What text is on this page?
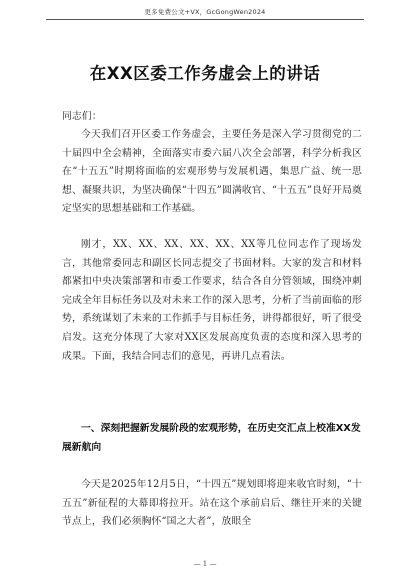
更多免费公文+VX，GcGongWen2024
在XX区委工作务虚会上的讲话
同志们：
今天我们召开区委工作务虚会，主要任务是深入学习贯彻党的二十届四中全会精神，全面落实市委六届八次全会部署，科学分析我区在“十五五”时期将面临的宏观形势与发展机遇，集思广益、统一思想、凝聚共识，为坚决确保“十四五”圆满收官、“十五五”良好开局奠定坚实的思想基础和工作基础。
刚才，XX、XX、XX、XX、XX、XX等几位同志作了现场发言，其他常委同志和副区长同志提交了书面材料。大家的发言和材料都紧扣中央决策部署和市委工作要求，结合各自分管领域，围绕冲刺完成全年目标任务以及对未来工作的深入思考，分析了当前面临的形势，系统谋划了未来的工作抓手与目标任务，讲得都很好，听了很受启发。这充分体现了大家对XX区发展高度负责的态度和深入思考的成果。下面，我结合同志们的意见，再讲几点看法。
一、深刻把握新发展阶段的宏观形势，在历史交汇点上校准XX发展新航向
今天是2025年12月5日，“十四五”规划即将迎来收官时刻，“十五五”新征程的大幕即将拉开。站在这个承前启后、继往开来的关键节点上，我们必须胸怀“国之大者”，放眼全
— 1 —
